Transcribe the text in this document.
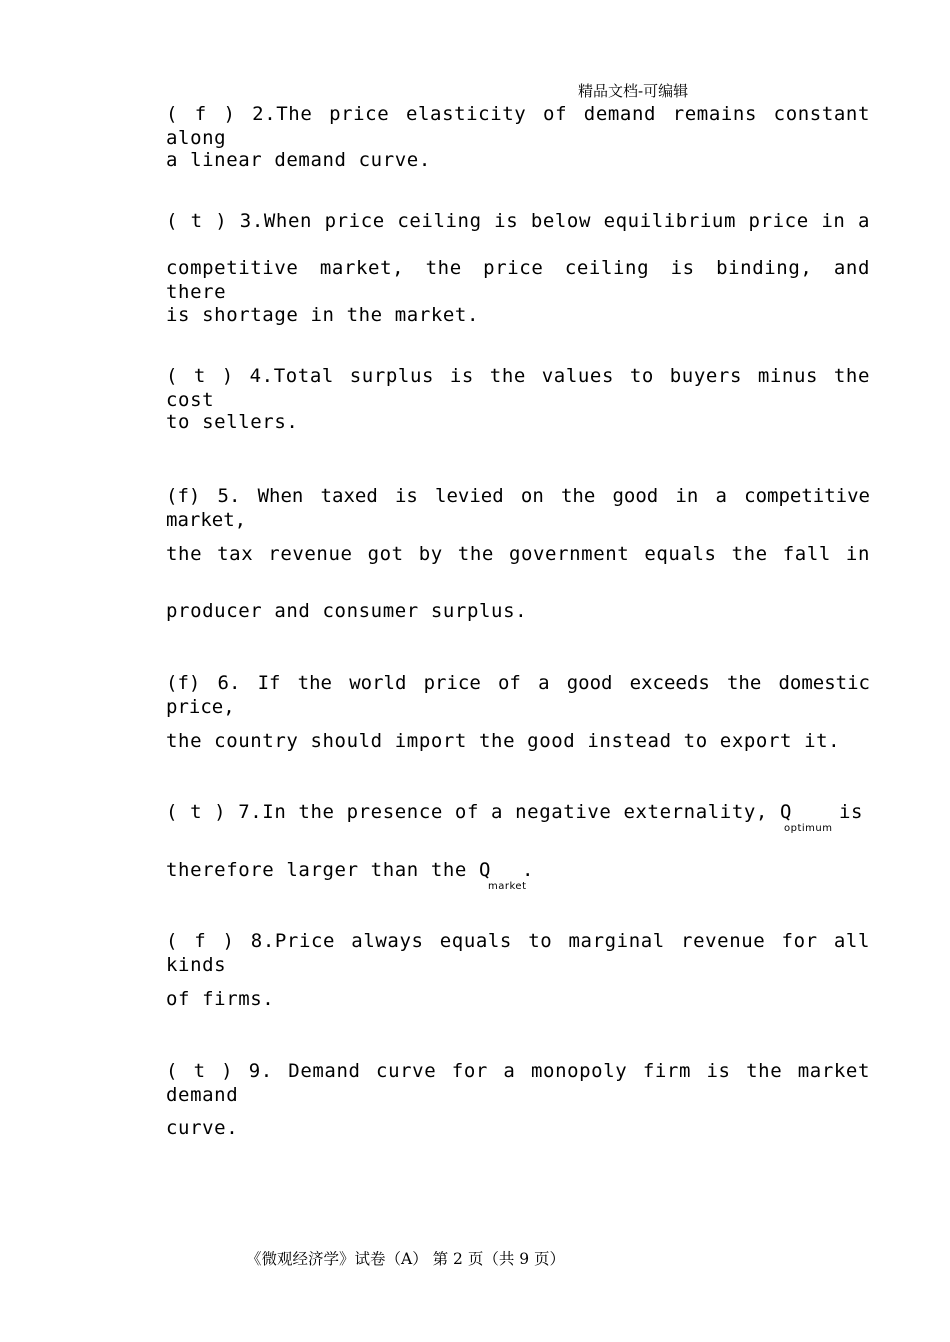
精品文档-可编辑
( f ) 2.The price elasticity of demand remains constant along
a linear demand curve.
( t ) 3.When price ceiling is below equilibrium price in a
competitive market, the price ceiling is binding, and there
is shortage in the market.
( t ) 4.Total surplus is the values to buyers minus the cost
to sellers.
(f) 5. When taxed is levied on the good in a competitive market,
the tax revenue got by the government equals the fall in
producer and consumer surplus.
(f) 6. If the world price of a good exceeds the domestic price,
the country should import the good instead to export it.
( t ) 7.In the presence of a negative externality, Q is
optimum
therefore larger than the Q	.
market
( f ) 8.Price always equals to marginal revenue for all kinds
of firms.
( t ) 9. Demand curve for a monopoly firm is the market demand
curve.
《微观经济学》试卷（A） 第 2 页（共 9 页）
